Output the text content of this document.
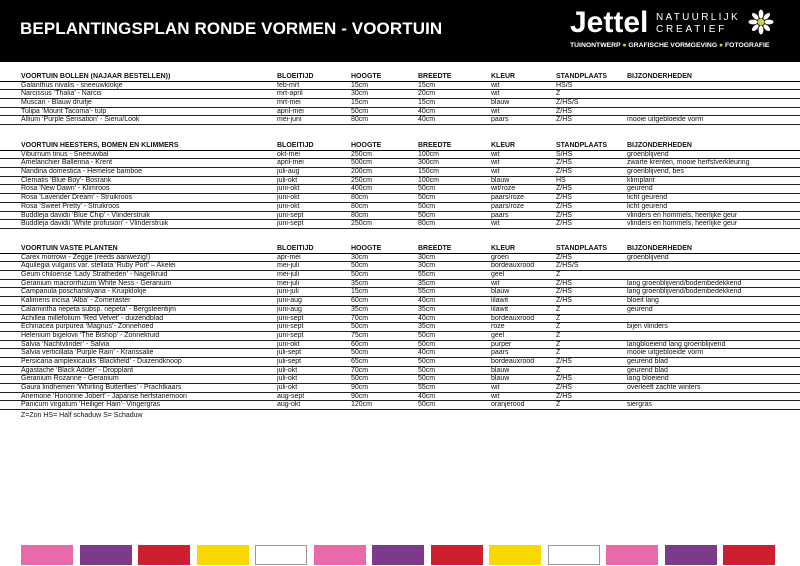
BEPLANTINGSPLAN RONDE VORMEN - VOORTUIN	Jettel NATUURLIJK
CREATIEF
TUINONTWERP ● GRAFISCHE VORMGEVING ● FOTOGRAFIE
VOORTUIN BOLLEN (NAJAAR BESTELLEN))	BLOEITIJD	HOOGTE	BREEDTE	KLEUR	STANDPLAATS	BIJZONDERHEDEN
Galanthus nivalis - sneeuwklokje	feb-mrt	15cm	15cm	wit	HS/S
Narcissus ‘Thalia’ - Narcis	mrt-april	30cm	20cm	wit	Z
Muscari - Blauw druifje	mrt-mei	15cm	15cm	blauw	Z/HS/S
Tulipa ‘Mount Tacoma’- tulp	april-mei	50cm	40cm	wit	Z/HS
Allium ‘Purple Sensation’ - Sierui/Look	mei-juni	80cm	40cm	paars	Z/HS	mooie uitgebloeide vorm
VOORTUIN HEESTERS, BOMEN EN KLIMMERS	BLOEITIJD	HOOGTE	BREEDTE	KLEUR	STANDPLAATS	BIJZONDERHEDEN
Viburnum tinus - Sneeuwbal	okt-mei	250cm	100cm	wit	S/HS	groenblijvend
Amelanchier Ballerina - Krent	april-mei	500cm	300cm	wit	Z/HS	zwarte krenten, mooie herfstverkleuring
Nandina domestica - Hemelse bamboe	juli-aug	200cm	150cm	wit	Z/HS	groenblijvend, bes
Clematis ‘Blue Boy’- Bosrank	juli-okt	250cm	100cm	blauw	HS	klimplant
Rosa ‘New Dawn’ - Klimroos	juni-okt	400cm	50cm	wit/roze	Z/HS	geurend
Rosa ‘Lavender Dream’ - Struikroos	juni-okt	80cm	50cm	paars/roze	Z/HS	licht geurend
Rosa ‘Sweet Pretty’ - Struikroos	juni-okt	80cm	50cm	paars/roze	Z/HS	licht geurend
Buddleja davidii ‘Blue Chip’ - Vlinderstruik	juni-sept	80cm	50cm	paars	Z/HS	vlinders en hommels, heerlijke geur
Buddleja davidii ‘White profusion’ - Vlinderstruik	juni-sept	250cm	80cm	wit	Z/HS	vlinders en hommels, heerlijke geur
VOORTUIN VASTE PLANTEN	BLOEITIJD	HOOGTE	BREEDTE	KLEUR	STANDPLAATS	BIJZONDERHEDEN
Carex morrowi - Zegge (reeds aanwezig!)	apr-mei	30cm	30cm	groen	Z/HS	groenblijvend
Aquilegia vulgaris var. stellata ‘Ruby Port’ – Akelei	mei-juli	50cm	30cm	bordeauxrood	Z/HS/S
Geum chiloense ‘Lady Stratheden’ - Nagelkruid	mei-juli	50cm	55cm	geel	Z
Geranium macrorrhizum White Ness - Geranium	mei-juli	35cm	35cm	wit	Z/HS	lang groenblijvend/bodembedekkend
Campanula poscharskyana - Kruipklokje	juni-juli	15cm	55cm	blauw	Z/HS	lang groenblijvend/bodembedekkend
Kalimeris incisa ‘Alba’ - Zomeraster	juni-aug	60cm	40cm	lilawit	Z/HS	bloeit lang
Calamintha nepeta subsp. nepeta’ - Bergsteentijm	juni-aug	35cm	35cm	lilawit	Z	geurend
Achillea millefolium ‘Red Velvet’ - duizendblad	juni-sept	70cm	40cm	bordeauxrood	Z
Echinacea purpurea ‘Magnus’- Zonnehoed	juni-sept	50cm	35cm	roze	Z	bijen vlinders
Helenium bigelovii ‘The Bishop’ - Zonnekruid	juni-sept	75cm	50cm	geel	Z
Salvia ‘Nachtvlinder’ - Salvia	juni-okt	60cm	50cm	purper	Z	langbloeiend lang groenblijvend
Salvia verticillata ‘Purple Rain’ - Kranssalie	juli-sept	50cm	40cm	paars	Z	mooie uitgebloeide vorm
Persicaria amplexicaulis ‘Blackfield’ - Duizendknoop	juli-sept	65cm	50cm	bordeauxrood	Z/HS	geurend blad
Agastache ‘Black Adder’ - Dropplant	juli-okt	70cm	50cm	blauw	Z	geurend blad
Geranium Rozanne - Geranium	juli-okt	50cm	50cm	blauw	Z/HS	lang bloeiend
Gaura lindhemeri ‘Whirling Butterflies’ - Prachtkaars	juli-okt	90cm	55cm	wit	Z/HS	overleeft zachte winters
Anemone ‘Honorine Jobert’ - Japanse herfstanemoon	aug-sept	90cm	40cm	wit	Z/HS
Panicum virgatum ‘Heiliger Hain’- Vingergras	aug-okt	120cm	50cm	oranjerood	Z	siergras
Z=Zon HS= Half schaduw S= Schaduw
